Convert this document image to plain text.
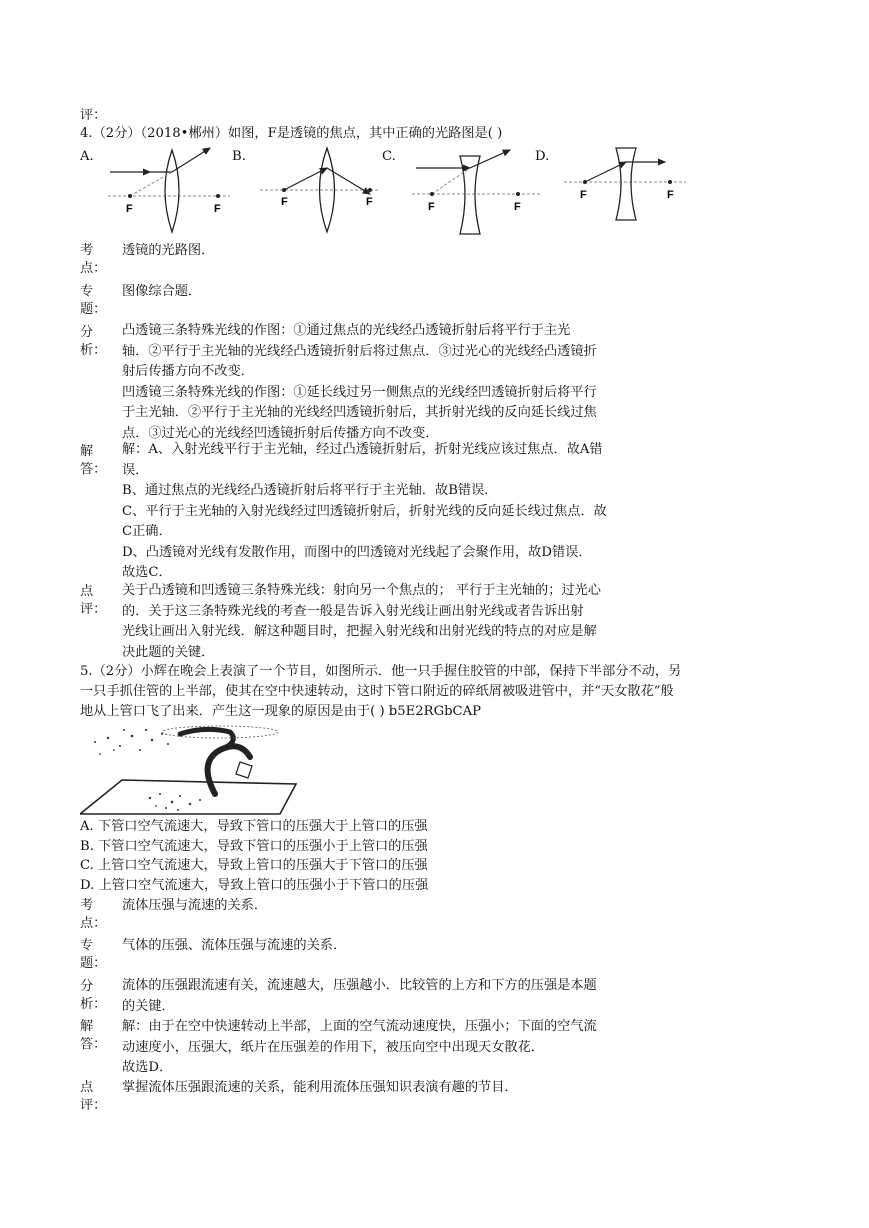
评：
4.（2分）（2018•郴州）如图，F是透镜的焦点，其中正确的光路图是( )
A.	B.	C.	D.
F	F
F	F	F	F
F	F
考
点：
透镜的光路图．
专
题：
图像综合题．
分
析：
凸透镜三条特殊光线的作图：①通过焦点的光线经凸透镜折射后将平行于主光
轴．②平行于主光轴的光线经凸透镜折射后将过焦点．③过光心的光线经凸透镜折
射后传播方向不改变．
凹透镜三条特殊光线的作图：①延长线过另一侧焦点的光线经凹透镜折射后将平行
于主光轴．②平行于主光轴的光线经凹透镜折射后，其折射光线的反向延长线过焦
点．③过光心的光线经凹透镜折射后传播方向不改变．
解
答：
解：A、入射光线平行于主光轴，经过凸透镜折射后，折射光线应该过焦点．故A错
误．
B、通过焦点的光线经凸透镜折射后将平行于主光轴．故B错误．
C、平行于主光轴的入射光线经过凹透镜折射后，折射光线的反向延长线过焦点．故
C正确．
D、凸透镜对光线有发散作用，而图中的凹透镜对光线起了会聚作用，故D错误．
故选C．
点
评：
关于凸透镜和凹透镜三条特殊光线：射向另一个焦点的； 平行于主光轴的；过光心
的．关于这三条特殊光线的考查一般是告诉入射光线让画出射光线或者告诉出射
光线让画出入射光线．解这种题目时，把握入射光线和出射光线的特点的对应是解
决此题的关键．
5.（2分）小辉在晚会上表演了一个节目，如图所示．他一只手握住胶管的中部，保持下半部分不动，另
一只手抓住管的上半部，使其在空中快速转动，这时下管口附近的碎纸屑被吸进管中，并“天女散花”般
地从上管口飞了出来．产生这一现象的原因是由于( ) b5E2RGbCAP
A. 下管口空气流速大，导致下管口的压强大于上管口的压强
B. 下管口空气流速大，导致下管口的压强小于上管口的压强
C. 上管口空气流速大，导致上管口的压强大于下管口的压强
D. 上管口空气流速大，导致上管口的压强小于下管口的压强
考
点：
流体压强与流速的关系．
专
题：
气体的压强、流体压强与流速的关系．
分
析：
流体的压强跟流速有关，流速越大，压强越小．比较管的上方和下方的压强是本题
的关键．
解
答：
解：由于在空中快速转动上半部，上面的空气流动速度快，压强小；下面的空气流
动速度小，压强大，纸片在压强差的作用下，被压向空中出现天女散花．
故选D．
点
评：
掌握流体压强跟流速的关系，能利用流体压强知识表演有趣的节目．
